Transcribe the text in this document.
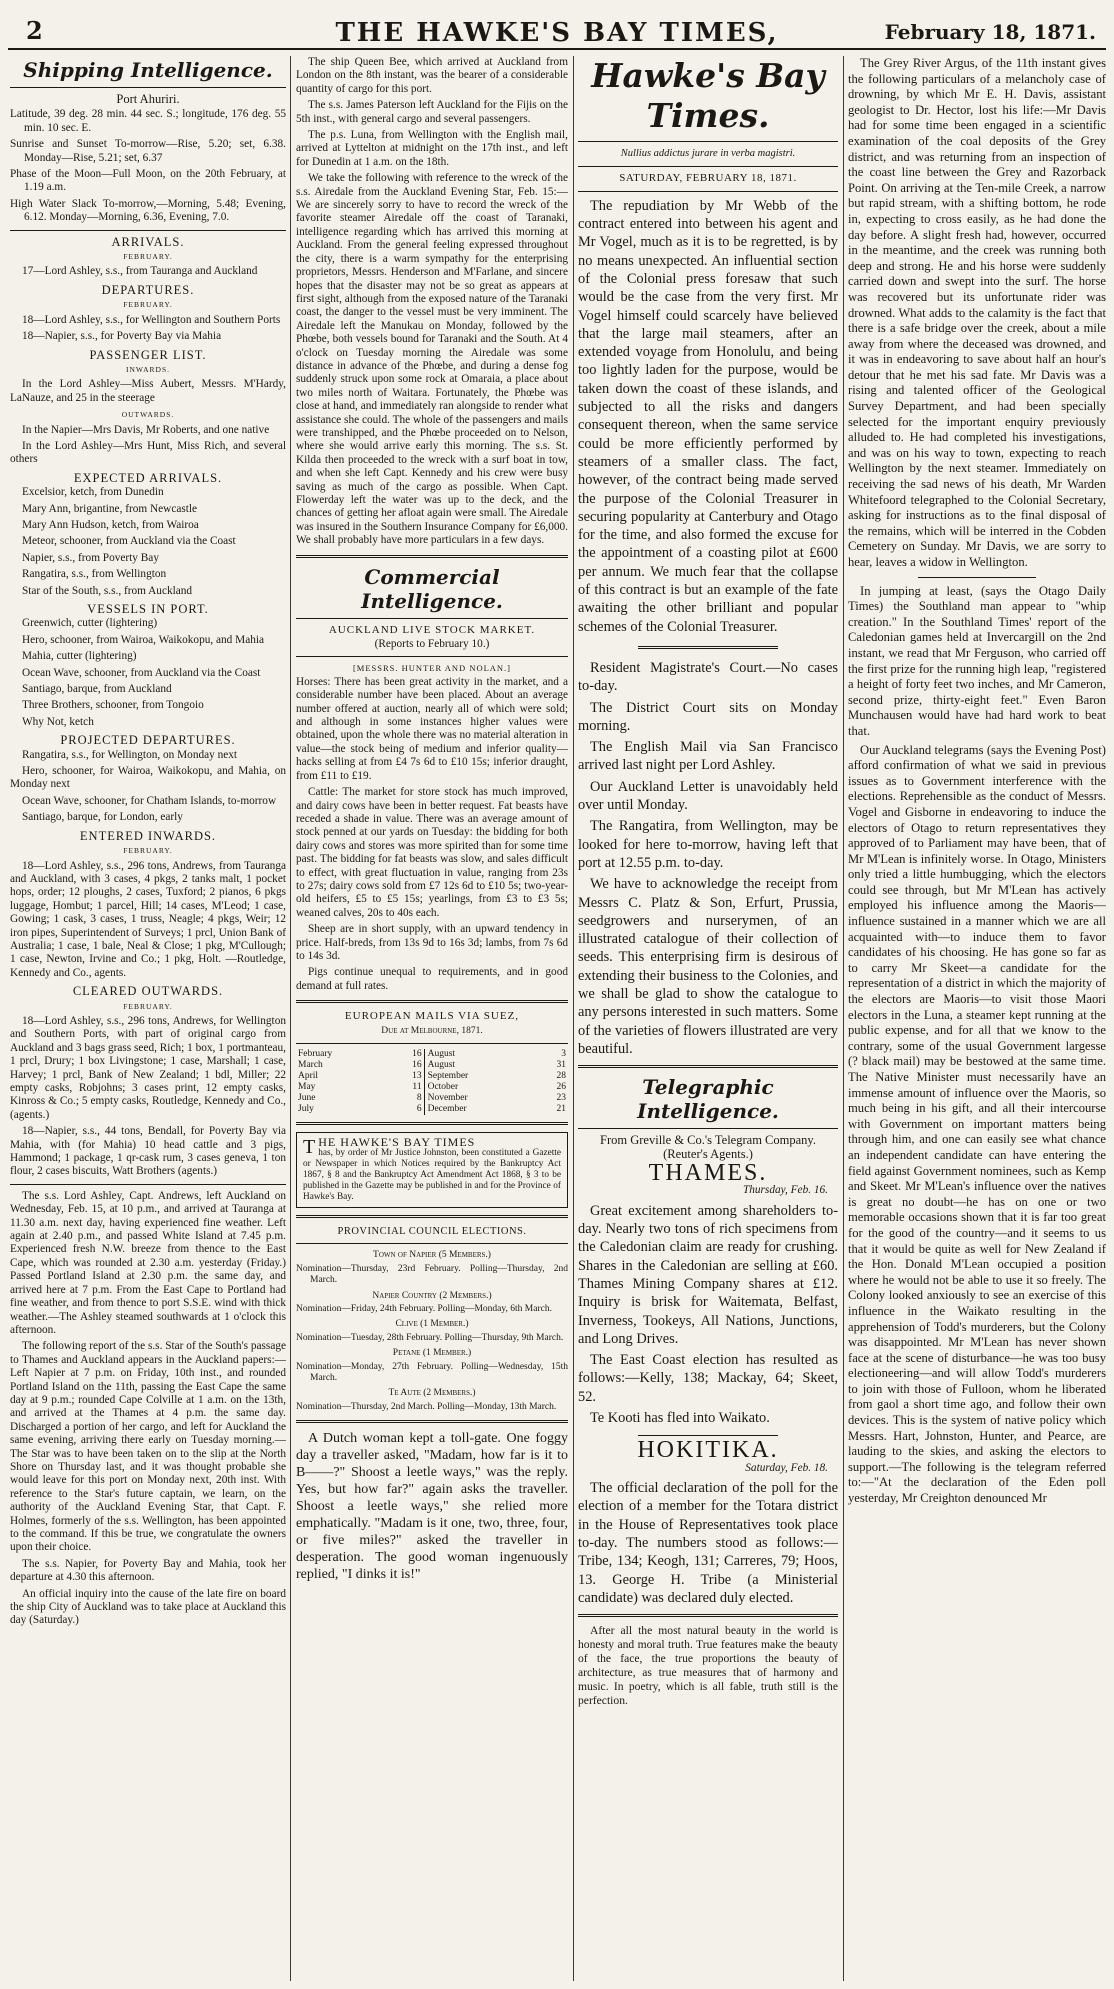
2	THE HAWKE'S BAY TIMES,	February 18, 1871.
Shipping Intelligence.
Port Ahuriri.

Latitude, 39 deg. 28 min. 44 sec. S.; longitude, 176 deg. 55 min. 10 sec. E.

Sunrise and Sunset To-morrow—Rise, 5.20; set, 6.38. Monday—Rise, 5.21; set, 6.37

Phase of the Moon—Full Moon, on the 20th February, at 1.19 a.m.

High Water Slack To-morrow,—Morning, 5.48; Evening, 6.12. Monday—Morning, 6.36, Evening, 7.0.

ARRIVALS.
FEBRUARY.

17—Lord Ashley, s.s., from Tauranga and Auckland

DEPARTURES.
FEBRUARY.

18—Lord Ashley, s.s., for Wellington and Southern Ports

18—Napier, s.s., for Poverty Bay via Mahia

PASSENGER LIST.
INWARDS.

In the Lord Ashley—Miss Aubert, Messrs. M'Hardy, LaNauze, and 25 in the steerage

OUTWARDS.

In the Napier—Mrs Davis, Mr Roberts, and one native

In the Lord Ashley—Mrs Hunt, Miss Rich, and several others

EXPECTED ARRIVALS.

Excelsior, ketch, from Dunedin

Mary Ann, brigantine, from Newcastle

Mary Ann Hudson, ketch, from Wairoa

Meteor, schooner, from Auckland via the Coast

Napier, s.s., from Poverty Bay

Rangatira, s.s., from Wellington

Star of the South, s.s., from Auckland

VESSELS IN PORT.

Greenwich, cutter (lightering)

Hero, schooner, from Wairoa, Waikokopu, and Mahia

Mahia, cutter (lightering)

Ocean Wave, schooner, from Auckland via the Coast

Santiago, barque, from Auckland

Three Brothers, schooner, from Tongoio

Why Not, ketch

PROJECTED DEPARTURES.

Rangatira, s.s., for Wellington, on Monday next

Hero, schooner, for Wairoa, Waikokopu, and Mahia, on Monday next

Ocean Wave, schooner, for Chatham Islands, to-morrow

Santiago, barque, for London, early

ENTERED INWARDS.
FEBRUARY.

18—Lord Ashley, s.s., 296 tons, Andrews, from Tauranga and Auckland, with 3 cases, 4 pkgs, 2 tanks malt, 1 pocket hops, order; 12 ploughs, 2 cases, Tuxford; 2 pianos, 6 pkgs luggage, Hombut; 1 parcel, Hill; 14 cases, M'Leod; 1 case, Gowing; 1 cask, 3 cases, 1 truss, Neagle; 4 pkgs, Weir; 12 iron pipes, Superintendent of Surveys; 1 prcl, Union Bank of Australia; 1 case, 1 bale, Neal & Close; 1 pkg, M'Cullough; 1 case, Newton, Irvine and Co.; 1 pkg, Holt. —Routledge, Kennedy and Co., agents.

CLEARED OUTWARDS.
FEBRUARY.

18—Lord Ashley, s.s., 296 tons, Andrews, for Wellington and Southern Ports, with part of original cargo from Auckland and 3 bags grass seed, Rich; 1 box, 1 portmanteau, 1 prcl, Drury; 1 box Livingstone; 1 case, Marshall; 1 case, Harvey; 1 prcl, Bank of New Zealand; 1 bdl, Miller; 22 empty casks, Robjohns; 3 cases print, 12 empty casks, Kinross & Co.; 5 empty casks, Routledge, Kennedy and Co., (agents.)

18—Napier, s.s., 44 tons, Bendall, for Poverty Bay via Mahia, with (for Mahia) 10 head cattle and 3 pigs, Hammond; 1 package, 1 qr-cask rum, 3 cases geneva, 1 ton flour, 2 cases biscuits, Watt Brothers (agents.)

The s.s. Lord Ashley, Capt. Andrews, left Auckland on Wednesday, Feb. 15, at 10 p.m., and arrived at Tauranga at 11.30 a.m. next day, having experienced fine weather. Left again at 2.40 p.m., and passed White Island at 7.45 p.m. Experienced fresh N.W. breeze from thence to the East Cape, which was rounded at 2.30 a.m. yesterday (Friday.) Passed Portland Island at 2.30 p.m. the same day, and arrived here at 7 p.m. From the East Cape to Portland had fine weather, and from thence to port S.S.E. wind with thick weather.—The Ashley steamed southwards at 1 o'clock this afternoon.

The following report of the s.s. Star of the South's passage to Thames and Auckland appears in the Auckland papers:—Left Napier at 7 p.m. on Friday, 10th inst., and rounded Portland Island on the 11th, passing the East Cape the same day at 9 p.m.; rounded Cape Colville at 1 a.m. on the 13th, and arrived at the Thames at 4 p.m. the same day. Discharged a portion of her cargo, and left for Auckland the same evening, arriving there early on Tuesday morning.—The Star was to have been taken on to the slip at the North Shore on Thursday last, and it was thought probable she would leave for this port on Monday next, 20th inst. With reference to the Star's future captain, we learn, on the authority of the Auckland Evening Star, that Capt. F. Holmes, formerly of the s.s. Wellington, has been appointed to the command. If this be true, we congratulate the owners upon their choice.

The s.s. Napier, for Poverty Bay and Mahia, took her departure at 4.30 this afternoon.

An official inquiry into the cause of the late fire on board the ship City of Auckland was to take place at Auckland this day (Saturday.)

The ship Queen Bee, which arrived at Auckland from London on the 8th instant, was the bearer of a considerable quantity of cargo for this port.

The s.s. James Paterson left Auckland for the Fijis on the 5th inst., with general cargo and several passengers.

The p.s. Luna, from Wellington with the English mail, arrived at Lyttelton at midnight on the 17th inst., and left for Dunedin at 1 a.m. on the 18th.

We take the following with reference to the wreck of the s.s. Airedale from the Auckland Evening Star, Feb. 15:—We are sincerely sorry to have to record the wreck of the favorite steamer Airedale off the coast of Taranaki, intelligence regarding which has arrived this morning at Auckland. From the general feeling expressed throughout the city, there is a warm sympathy for the enterprising proprietors, Messrs. Henderson and M'Farlane, and sincere hopes that the disaster may not be so great as appears at first sight, although from the exposed nature of the Taranaki coast, the danger to the vessel must be very imminent. The Airedale left the Manukau on Monday, followed by the Phœbe, both vessels bound for Taranaki and the South. At 4 o'clock on Tuesday morning the Airedale was some distance in advance of the Phœbe, and during a dense fog suddenly struck upon some rock at Omaraia, a place about two miles north of Waitara. Fortunately, the Phœbe was close at hand, and immediately ran alongside to render what assistance she could. The whole of the passengers and mails were transhipped, and the Phœbe proceeded on to Nelson, where she would arrive early this morning. The s.s. St. Kilda then proceeded to the wreck with a surf boat in tow, and when she left Capt. Kennedy and his crew were busy saving as much of the cargo as possible. When Capt. Flowerday left the water was up to the deck, and the chances of getting her afloat again were small. The Airedale was insured in the Southern Insurance Company for £6,000. We shall probably have more particulars in a few days.

Commercial Intelligence.
AUCKLAND LIVE STOCK MARKET.
(Reports to February 10.)
[MESSRS. HUNTER AND NOLAN.]

Horses: There has been great activity in the market, and a considerable number have been placed. About an average number offered at auction, nearly all of which were sold; and although in some instances higher values were obtained, upon the whole there was no material alteration in value—the stock being of medium and inferior quality—hacks selling at from £4 7s 6d to £10 15s; inferior draught, from £11 to £19.

Cattle: The market for store stock has much improved, and dairy cows have been in better request. Fat beasts have receded a shade in value. There was an average amount of stock penned at our yards on Tuesday: the bidding for both dairy cows and stores was more spirited than for some time past. The bidding for fat beasts was slow, and sales difficult to effect, with great fluctuation in value, ranging from 23s to 27s; dairy cows sold from £7 12s 6d to £10 5s; two-year-old heifers, £5 to £5 15s; yearlings, from £3 to £3 5s; weaned calves, 20s to 40s each.

Sheep are in short supply, with an upward tendency in price. Half-breds, from 13s 9d to 16s 3d; lambs, from 7s 6d to 14s 3d.

Pigs continue unequal to requirements, and in good demand at full rates.

EUROPEAN MAILS VIA SUEZ,
Due at Melbourne, 1871.
February	16		August	3
March	16		August	31
April	13		September	28
May	11		October	26
June	8		November	23
July	6		December	21
T HE HAWKE'S BAY TIMES
has, by order of Mr Justice Johnston, been constituted a Gazette or Newspaper in which Notices required by the Bankruptcy Act 1867, § 8 and the Bankruptcy Act Amendment Act 1868, § 3 to be published in the Gazette may be published in and for the Province of Hawke's Bay.
PROVINCIAL COUNCIL ELECTIONS.
Town of Napier (5 Members.)

Nomination—Thursday, 23rd February. Polling—Thursday, 2nd March.

Napier Country (2 Members.)

Nomination—Friday, 24th February. Polling—Monday, 6th March.

Clive (1 Member.)

Nomination—Tuesday, 28th February. Polling—Thursday, 9th March.

Petane (1 Member.)

Nomination—Monday, 27th February. Polling—Wednesday, 15th March.

Te Aute (2 Members.)

Nomination—Thursday, 2nd March. Polling—Monday, 13th March.

A Dutch woman kept a toll-gate. One foggy day a traveller asked, "Madam, how far is it to B——?" Shoost a leetle ways," was the reply. Yes, but how far?" again asks the traveller. Shoost a leetle ways," she relied more emphatically. "Madam is it one, two, three, four, or five miles?" asked the traveller in desperation. The good woman ingenuously replied, "I dinks it is!"

Hawke's Bay Times.
Nullius addictus jurare in verba magistri.
SATURDAY, FEBRUARY 18, 1871.

The repudiation by Mr Webb of the contract entered into between his agent and Mr Vogel, much as it is to be regretted, is by no means unexpected. An influential section of the Colonial press foresaw that such would be the case from the very first. Mr Vogel himself could scarcely have believed that the large mail steamers, after an extended voyage from Honolulu, and being too lightly laden for the purpose, would be taken down the coast of these islands, and subjected to all the risks and dangers consequent thereon, when the same service could be more efficiently performed by steamers of a smaller class. The fact, however, of the contract being made served the purpose of the Colonial Treasurer in securing popularity at Canterbury and Otago for the time, and also formed the excuse for the appointment of a coasting pilot at £600 per annum. We much fear that the collapse of this contract is but an example of the fate awaiting the other brilliant and popular schemes of the Colonial Treasurer.

Resident Magistrate's Court.—No cases to-day.

The District Court sits on Monday morning.

The English Mail via San Francisco arrived last night per Lord Ashley.

Our Auckland Letter is unavoidably held over until Monday.

The Rangatira, from Wellington, may be looked for here to-morrow, having left that port at 12.55 p.m. to-day.

We have to acknowledge the receipt from Messrs C. Platz & Son, Erfurt, Prussia, seedgrowers and nurserymen, of an illustrated catalogue of their collection of seeds. This enterprising firm is desirous of extending their business to the Colonies, and we shall be glad to show the catalogue to any persons interested in such matters. Some of the varieties of flowers illustrated are very beautiful.

Telegraphic Intelligence.
From Greville & Co.'s Telegram Company. (Reuter's Agents.)
THAMES.
Thursday, Feb. 16.

Great excitement among shareholders to-day. Nearly two tons of rich specimens from the Caledonian claim are ready for crushing. Shares in the Caledonian are selling at £60. Thames Mining Company shares at £12. Inquiry is brisk for Waitemata, Belfast, Inverness, Tookeys, All Nations, Junctions, and Long Drives.

The East Coast election has resulted as follows:—Kelly, 138; Mackay, 64; Skeet, 52.

Te Kooti has fled into Waikato.

HOKITIKA.
Saturday, Feb. 18.

The official declaration of the poll for the election of a member for the Totara district in the House of Representatives took place to-day. The numbers stood as follows:—Tribe, 134; Keogh, 131; Carreres, 79; Hoos, 13. George H. Tribe (a Ministerial candidate) was declared duly elected.

After all the most natural beauty in the world is honesty and moral truth. True features make the beauty of the face, the true proportions the beauty of architecture, as true measures that of harmony and music. In poetry, which is all fable, truth still is the perfection.

The Grey River Argus, of the 11th instant gives the following particulars of a melancholy case of drowning, by which Mr E. H. Davis, assistant geologist to Dr. Hector, lost his life:—Mr Davis had for some time been engaged in a scientific examination of the coal deposits of the Grey district, and was returning from an inspection of the coast line between the Grey and Razorback Point. On arriving at the Ten-mile Creek, a narrow but rapid stream, with a shifting bottom, he rode in, expecting to cross easily, as he had done the day before. A slight fresh had, however, occurred in the meantime, and the creek was running both deep and strong. He and his horse were suddenly carried down and swept into the surf. The horse was recovered but its unfortunate rider was drowned. What adds to the calamity is the fact that there is a safe bridge over the creek, about a mile away from where the deceased was drowned, and it was in endeavoring to save about half an hour's detour that he met his sad fate. Mr Davis was a rising and talented officer of the Geological Survey Department, and had been specially selected for the important enquiry previously alluded to. He had completed his investigations, and was on his way to town, expecting to reach Wellington by the next steamer. Immediately on receiving the sad news of his death, Mr Warden Whitefoord telegraphed to the Colonial Secretary, asking for instructions as to the final disposal of the remains, which will be interred in the Cobden Cemetery on Sunday. Mr Davis, we are sorry to hear, leaves a widow in Wellington.

In jumping at least, (says the Otago Daily Times) the Southland man appear to "whip creation." In the Southland Times' report of the Caledonian games held at Invercargill on the 2nd instant, we read that Mr Ferguson, who carried off the first prize for the running high leap, "registered a height of forty feet two inches, and Mr Cameron, second prize, thirty-eight feet." Even Baron Munchausen would have had hard work to beat that.

Our Auckland telegrams (says the Evening Post) afford confirmation of what we said in previous issues as to Government interference with the elections. Reprehensible as the conduct of Messrs. Vogel and Gisborne in endeavoring to induce the electors of Otago to return representatives they approved of to Parliament may have been, that of Mr M'Lean is infinitely worse. In Otago, Ministers only tried a little humbugging, which the electors could see through, but Mr M'Lean has actively employed his influence among the Maoris—influence sustained in a manner which we are all acquainted with—to induce them to favor candidates of his choosing. He has gone so far as to carry Mr Skeet—a candidate for the representation of a district in which the majority of the electors are Maoris—to visit those Maori electors in the Luna, a steamer kept running at the public expense, and for all that we know to the contrary, some of the usual Government largesse (? black mail) may be bestowed at the same time. The Native Minister must necessarily have an immense amount of influence over the Maoris, so much being in his gift, and all their intercourse with Government on important matters being through him, and one can easily see what chance an independent candidate can have entering the field against Government nominees, such as Kemp and Skeet. Mr M'Lean's influence over the natives is great no doubt—he has on one or two memorable occasions shown that it is far too great for the good of the country—and it seems to us that it would be quite as well for New Zealand if the Hon. Donald M'Lean occupied a position where he would not be able to use it so freely. The Colony looked anxiously to see an exercise of this influence in the Waikato resulting in the apprehension of Todd's murderers, but the Colony was disappointed. Mr M'Lean has never shown face at the scene of disturbance—he was too busy electioneering—and will allow Todd's murderers to join with those of Fulloon, whom he liberated from gaol a short time ago, and follow their own devices. This is the system of native policy which Messrs. Hart, Johnston, Hunter, and Pearce, are lauding to the skies, and asking the electors to support.—The following is the telegram referred to:—"At the declaration of the Eden poll yesterday, Mr Creighton denounced Mr
